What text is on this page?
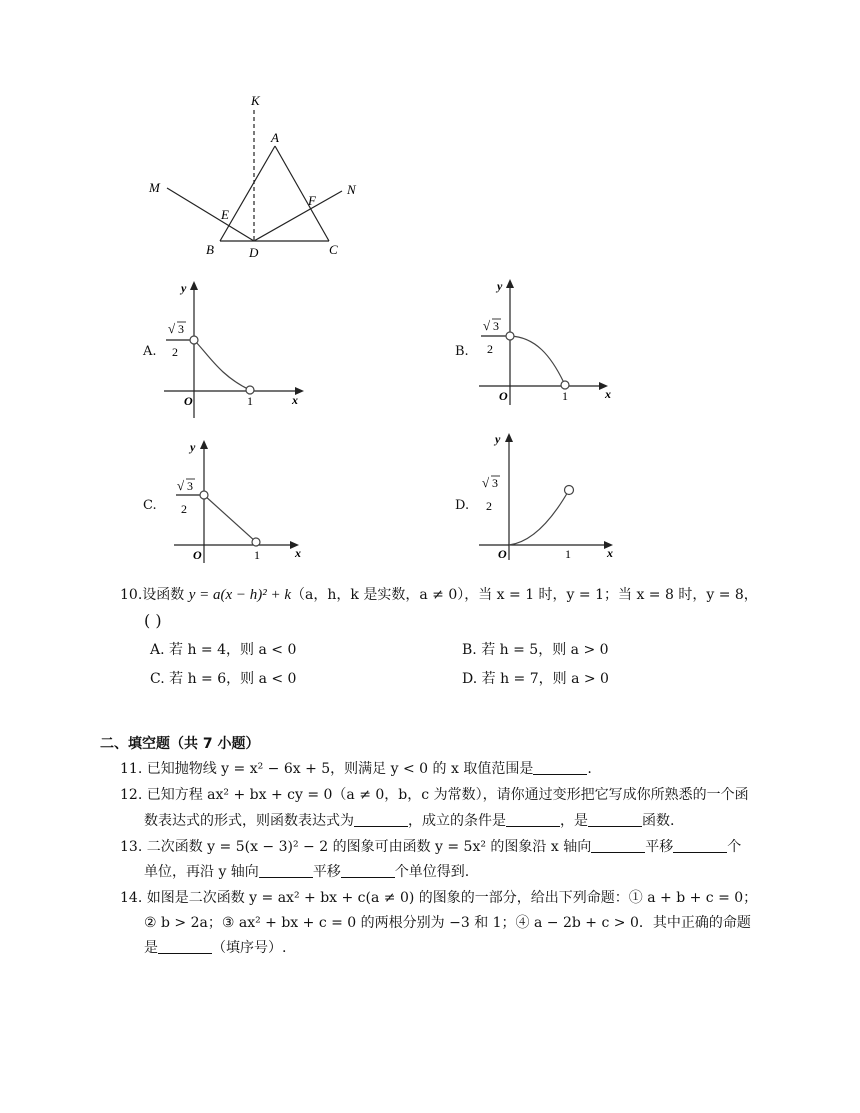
K
A
M	N
E
F
B	D	C
A.
y
√ 3
2
O	1	x
B.
y
√ 3
2
O	1	x
C.
y
√ 3
2
O	1	x
D.
y
√ 3
2
O	1	x
10.设函数 y = a(x − h)² + k（a，h，k 是实数，a ≠ 0），当 x = 1 时，y = 1；当 x = 8 时，y = 8，
( )
A. 若 h = 4，则 a < 0	B. 若 h = 5，则 a > 0
C. 若 h = 6，则 a < 0	D. 若 h = 7，则 a > 0
二、填空题（共 7 小题）
11. 已知抛物线 y = x² − 6x + 5，则满足 y < 0 的 x 取值范围是	.
12. 已知方程 ax² + bx + cy = 0（a ≠ 0，b，c 为常数），请你通过变形把它写成你所熟悉的一个函
数表达式的形式，则函数表达式为	，成立的条件是	，是	函数.
13. 二次函数 y = 5(x − 3)² − 2 的图象可由函数 y = 5x² 的图象沿 x 轴向	平移	个
单位，再沿 y 轴向	平移	个单位得到.
14. 如图是二次函数 y = ax² + bx + c(a ≠ 0) 的图象的一部分，给出下列命题：① a + b + c = 0；
② b > 2a；③ ax² + bx + c = 0 的两根分别为 −3 和 1；④ a − 2b + c > 0．其中正确的命题
是	（填序号）.
